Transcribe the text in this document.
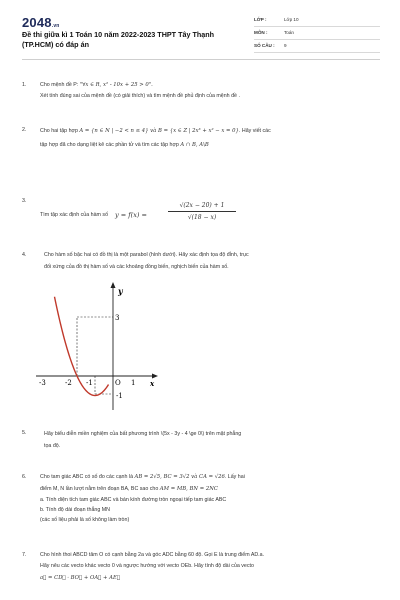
2048.vn
Đề thi giữa kì 1 Toán 10 năm 2022-2023 THPT Tây Thạnh (TP.HCM) có đáp án
LỚP :	Lớp 10
MÔN :	Toán
SỐ CÂU : 9
1.	Cho mệnh đề P: "∀x ∈ R, x² - 10x + 25 > 0".
Xét tính đúng sai của mệnh đề (có giải thích) và tìm mệnh đề phủ định của mệnh đề .
2.	Cho hai tập hợp A = {n ∈ N | −2 < n ≤ 4} và B = {x ∈ Z | 2x³ + x² − x = 0}. Hãy viết các
tập hợp đã cho dạng liệt kê các phần tử và tìm các tập hợp A ∩ B, A\B
3.
Tìm tập xác định của hàm số y = f(x) =
√(2x − 20) + 1
√(18 − x)
4.	Cho hàm số bậc hai có đồ thị là một parabol (hình dưới). Hãy xác định tọa độ đỉnh, trục
đối xứng của đồ thị hàm số và các khoảng đồng biến, nghịch biến của hàm số.
y
x
O
-3	-2 -1	1
3
-1
5.	Hãy biểu diễn miền nghiệm của bất phương trình \(5x - 3y - 4 \ge 0\) trên mặt phẳng
tọa độ.
6.	Cho tam giác ABC có số đo các cạnh là AB = 2√5, BC = 3√2 và CA = √26. Lấy hai
điểm M, N lần lượt nằm trên đoạn BA, BC sao cho AM = MB, BN = 2NC
a. Tính diện tích tam giác ABC và bán kính đường tròn ngoại tiếp tam giác ABC
b. Tính độ dài đoạn thẳng MN
(các số liệu phải là số không làm tròn)
7.	Cho hình thoi ABCD tâm O có cạnh bằng 2a và góc ADC bằng 60 độ. Gọi E là trung điểm AD.a.
Hãy nêu các vecto khác vecto 0 và ngược hướng với vecto OEb. Hãy tính độ dài của vecto
a⃗ = CD⃗ · BO⃗ + OA⃗ + AE⃗
